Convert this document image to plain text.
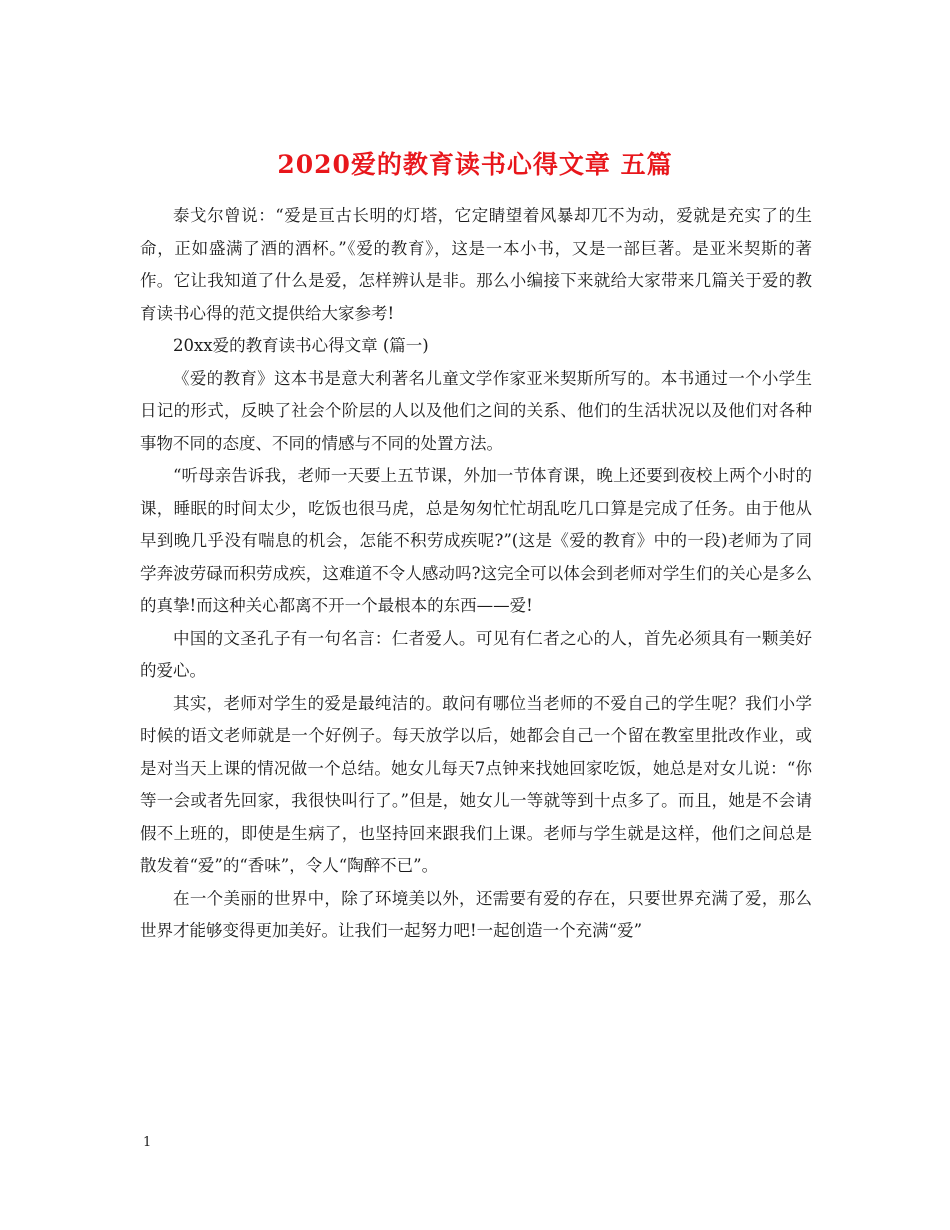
2020爱的教育读书心得文章 五篇

泰戈尔曾说：“爱是亘古长明的灯塔，它定睛望着风暴却兀不为动，爱就是充实了的生命，正如盛满了酒的酒杯。”《爱的教育》，这是一本小书，又是一部巨著。是亚米契斯的著作。它让我知道了什么是爱，怎样辨认是非。那么小编接下来就给大家带来几篇关于爱的教育读书心得的范文提供给大家参考!

20xx爱的教育读书心得文章 (篇一)

《爱的教育》这本书是意大利著名儿童文学作家亚米契斯所写的。本书通过一个小学生日记的形式，反映了社会个阶层的人以及他们之间的关系、他们的生活状况以及他们对各种事物不同的态度、不同的情感与不同的处置方法。

“听母亲告诉我，老师一天要上五节课，外加一节体育课，晚上还要到夜校上两个小时的课，睡眠的时间太少，吃饭也很马虎，总是匆匆忙忙胡乱吃几口算是完成了任务。由于他从早到晚几乎没有喘息的机会，怎能不积劳成疾呢?”(这是《爱的教育》中的一段)老师为了同学奔波劳碌而积劳成疾，这难道不令人感动吗?这完全可以体会到老师对学生们的关心是多么的真挚!而这种关心都离不开一个最根本的东西——爱!

中国的文圣孔子有一句名言：仁者爱人。可见有仁者之心的人，首先必须具有一颗美好的爱心。

其实，老师对学生的爱是最纯洁的。敢问有哪位当老师的不爱自己的学生呢？我们小学时候的语文老师就是一个好例子。每天放学以后，她都会自己一个留在教室里批改作业，或是对当天上课的情况做一个总结。她女儿每天7点钟来找她回家吃饭，她总是对女儿说：“你等一会或者先回家，我很快叫行了。”但是，她女儿一等就等到十点多了。而且，她是不会请假不上班的，即使是生病了，也坚持回来跟我们上课。老师与学生就是这样，他们之间总是散发着“爱”的“香味”，令人“陶醉不已”。

在一个美丽的世界中，除了环境美以外，还需要有爱的存在，只要世界充满了爱，那么世界才能够变得更加美好。让我们一起努力吧!一起创造一个充满“爱”

1
